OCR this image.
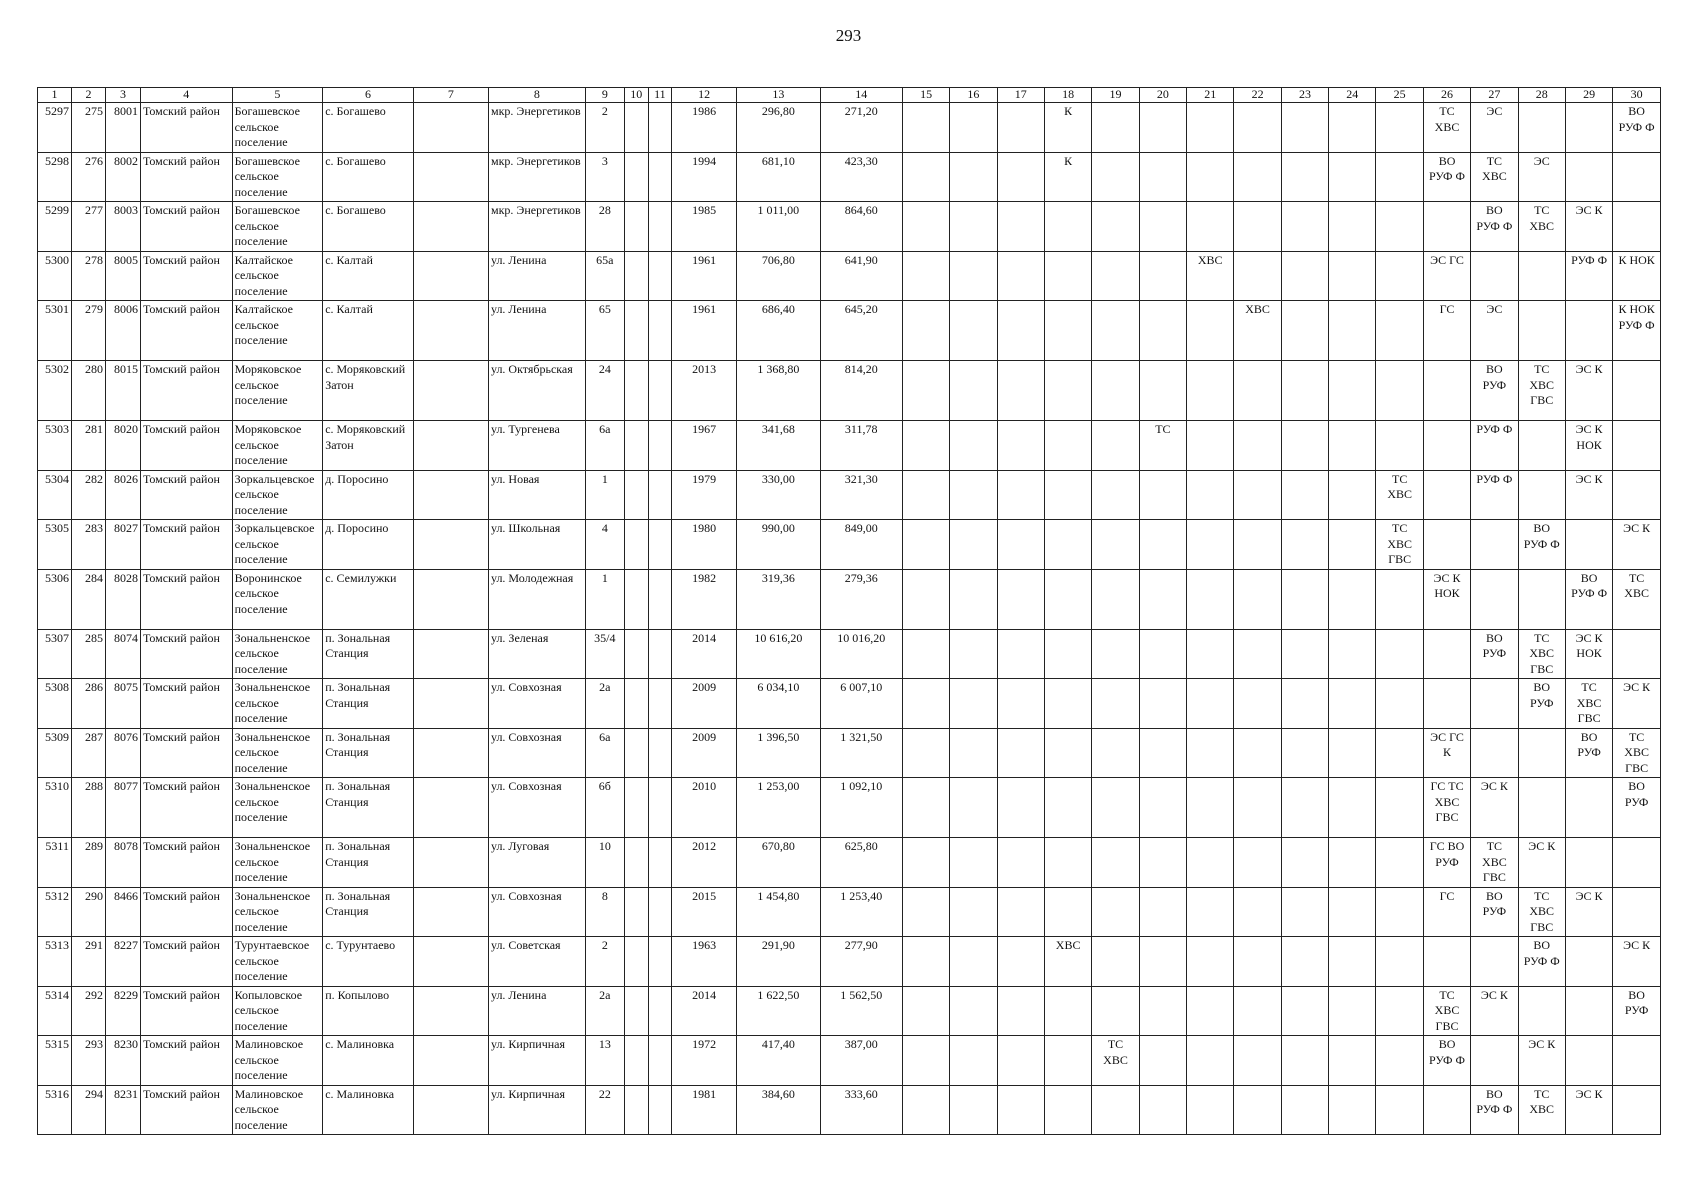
293
1	2	3	4	5	6	7	8	9	10	11	12	13	14	15	16	17	18	19	20	21	22	23	24	25	26	27	28	29	30
5297	275	8001	Томский район	Богашевское сельское поселение	с. Богашево		мкр. Энергетиков	2			1986	296,80	271,20				К								ТС ХВС	ЭС			ВО РУФ Ф
5298	276	8002	Томский район	Богашевское сельское поселение	с. Богашево		мкр. Энергетиков	3			1994	681,10	423,30				К								ВО РУФ Ф	ТС ХВС	ЭС		
5299	277	8003	Томский район	Богашевское сельское поселение	с. Богашево		мкр. Энергетиков	28			1985	1 011,00	864,60													ВО РУФ Ф	ТС ХВС	ЭС К	
5300	278	8005	Томский район	Калтайское сельское поселение	с. Калтай		ул. Ленина	65а			1961	706,80	641,90							ХВС					ЭС ГС			РУФ Ф	К НОК
5301	279	8006	Томский район	Калтайское сельское поселение	с. Калтай		ул. Ленина	65			1961	686,40	645,20								ХВС				ГС	ЭС			К НОК РУФ Ф
5302	280	8015	Томский район	Моряковское сельское поселение	с. Моряковский Затон		ул. Октябрьская	24			2013	1 368,80	814,20													ВО РУФ	ТС ХВС ГВС	ЭС К	
5303	281	8020	Томский район	Моряковское сельское поселение	с. Моряковский Затон		ул. Тургенева	6а			1967	341,68	311,78						ТС							РУФ Ф		ЭС К НОК	
5304	282	8026	Томский район	Зоркальцевское сельское поселение	д. Поросино		ул. Новая	1			1979	330,00	321,30											ТС ХВС		РУФ Ф		ЭС К	
5305	283	8027	Томский район	Зоркальцевское сельское поселение	д. Поросино		ул. Школьная	4			1980	990,00	849,00											ТС ХВС ГВС			ВО РУФ Ф		ЭС К
5306	284	8028	Томский район	Воронинское сельское поселение	с. Семилужки		ул. Молодежная	1			1982	319,36	279,36												ЭС К НОК			ВО РУФ Ф	ТС ХВС
5307	285	8074	Томский район	Зональненское сельское поселение	п. Зональная Станция		ул. Зеленая	35/4			2014	10 616,20	10 016,20													ВО РУФ	ТС ХВС ГВС	ЭС К НОК	
5308	286	8075	Томский район	Зональненское сельское поселение	п. Зональная Станция		ул. Совхозная	2а			2009	6 034,10	6 007,10														ВО РУФ	ТС ХВС ГВС	ЭС К
5309	287	8076	Томский район	Зональненское сельское поселение	п. Зональная Станция		ул. Совхозная	6а			2009	1 396,50	1 321,50												ЭС ГС К			ВО РУФ	ТС ХВС ГВС
5310	288	8077	Томский район	Зональненское сельское поселение	п. Зональная Станция		ул. Совхозная	6б			2010	1 253,00	1 092,10												ГС ТС ХВС ГВС	ЭС К			ВО РУФ
5311	289	8078	Томский район	Зональненское сельское поселение	п. Зональная Станция		ул. Луговая	10			2012	670,80	625,80												ГС ВО РУФ	ТС ХВС ГВС	ЭС К		
5312	290	8466	Томский район	Зональненское сельское поселение	п. Зональная Станция		ул. Совхозная	8			2015	1 454,80	1 253,40												ГС	ВО РУФ	ТС ХВС ГВС	ЭС К	
5313	291	8227	Томский район	Турунтаевское сельское поселение	с. Турунтаево		ул. Советская	2			1963	291,90	277,90				ХВС										ВО РУФ Ф		ЭС К
5314	292	8229	Томский район	Копыловское сельское поселение	п. Копылово		ул. Ленина	2а			2014	1 622,50	1 562,50												ТС ХВС ГВС	ЭС К			ВО РУФ
5315	293	8230	Томский район	Малиновское сельское поселение	с. Малиновка		ул. Кирпичная	13			1972	417,40	387,00					ТС ХВС							ВО РУФ Ф		ЭС К		
5316	294	8231	Томский район	Малиновское сельское поселение	с. Малиновка		ул. Кирпичная	22			1981	384,60	333,60													ВО РУФ Ф	ТС ХВС	ЭС К	
